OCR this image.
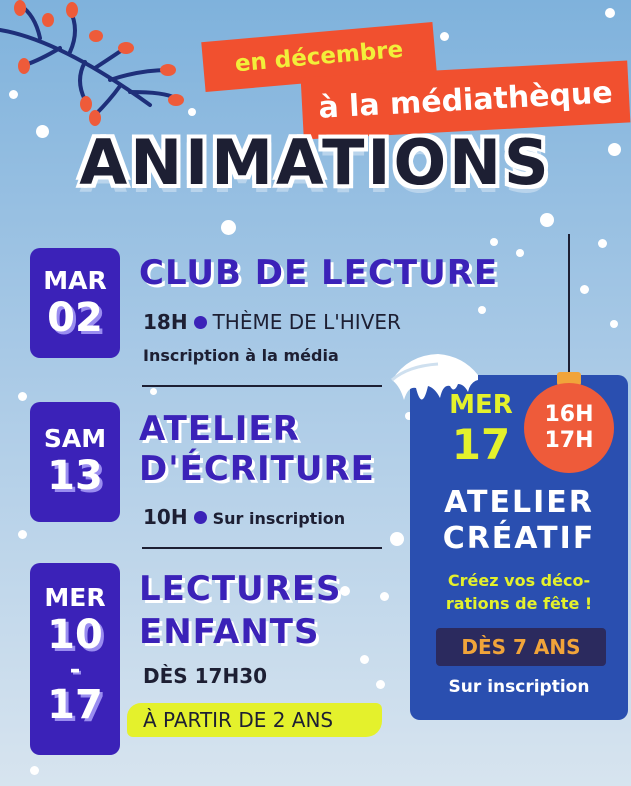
en décembre
à la médiathèque
ANIMATIONS
MAR
02
CLUB DE LECTURE
18H THÈME DE L'HIVER
Inscription à la média
SAM
13
ATELIER
D'ÉCRITURE
10H Sur inscription
MER
10
-
17
LECTURES
ENFANTS
DÈS 17H30
À PARTIR DE 2 ANS
16H
17H
MER
17
ATELIER
CRÉATIF
Créez vos déco-
rations de fête !
DÈS 7 ANS
Sur inscription
